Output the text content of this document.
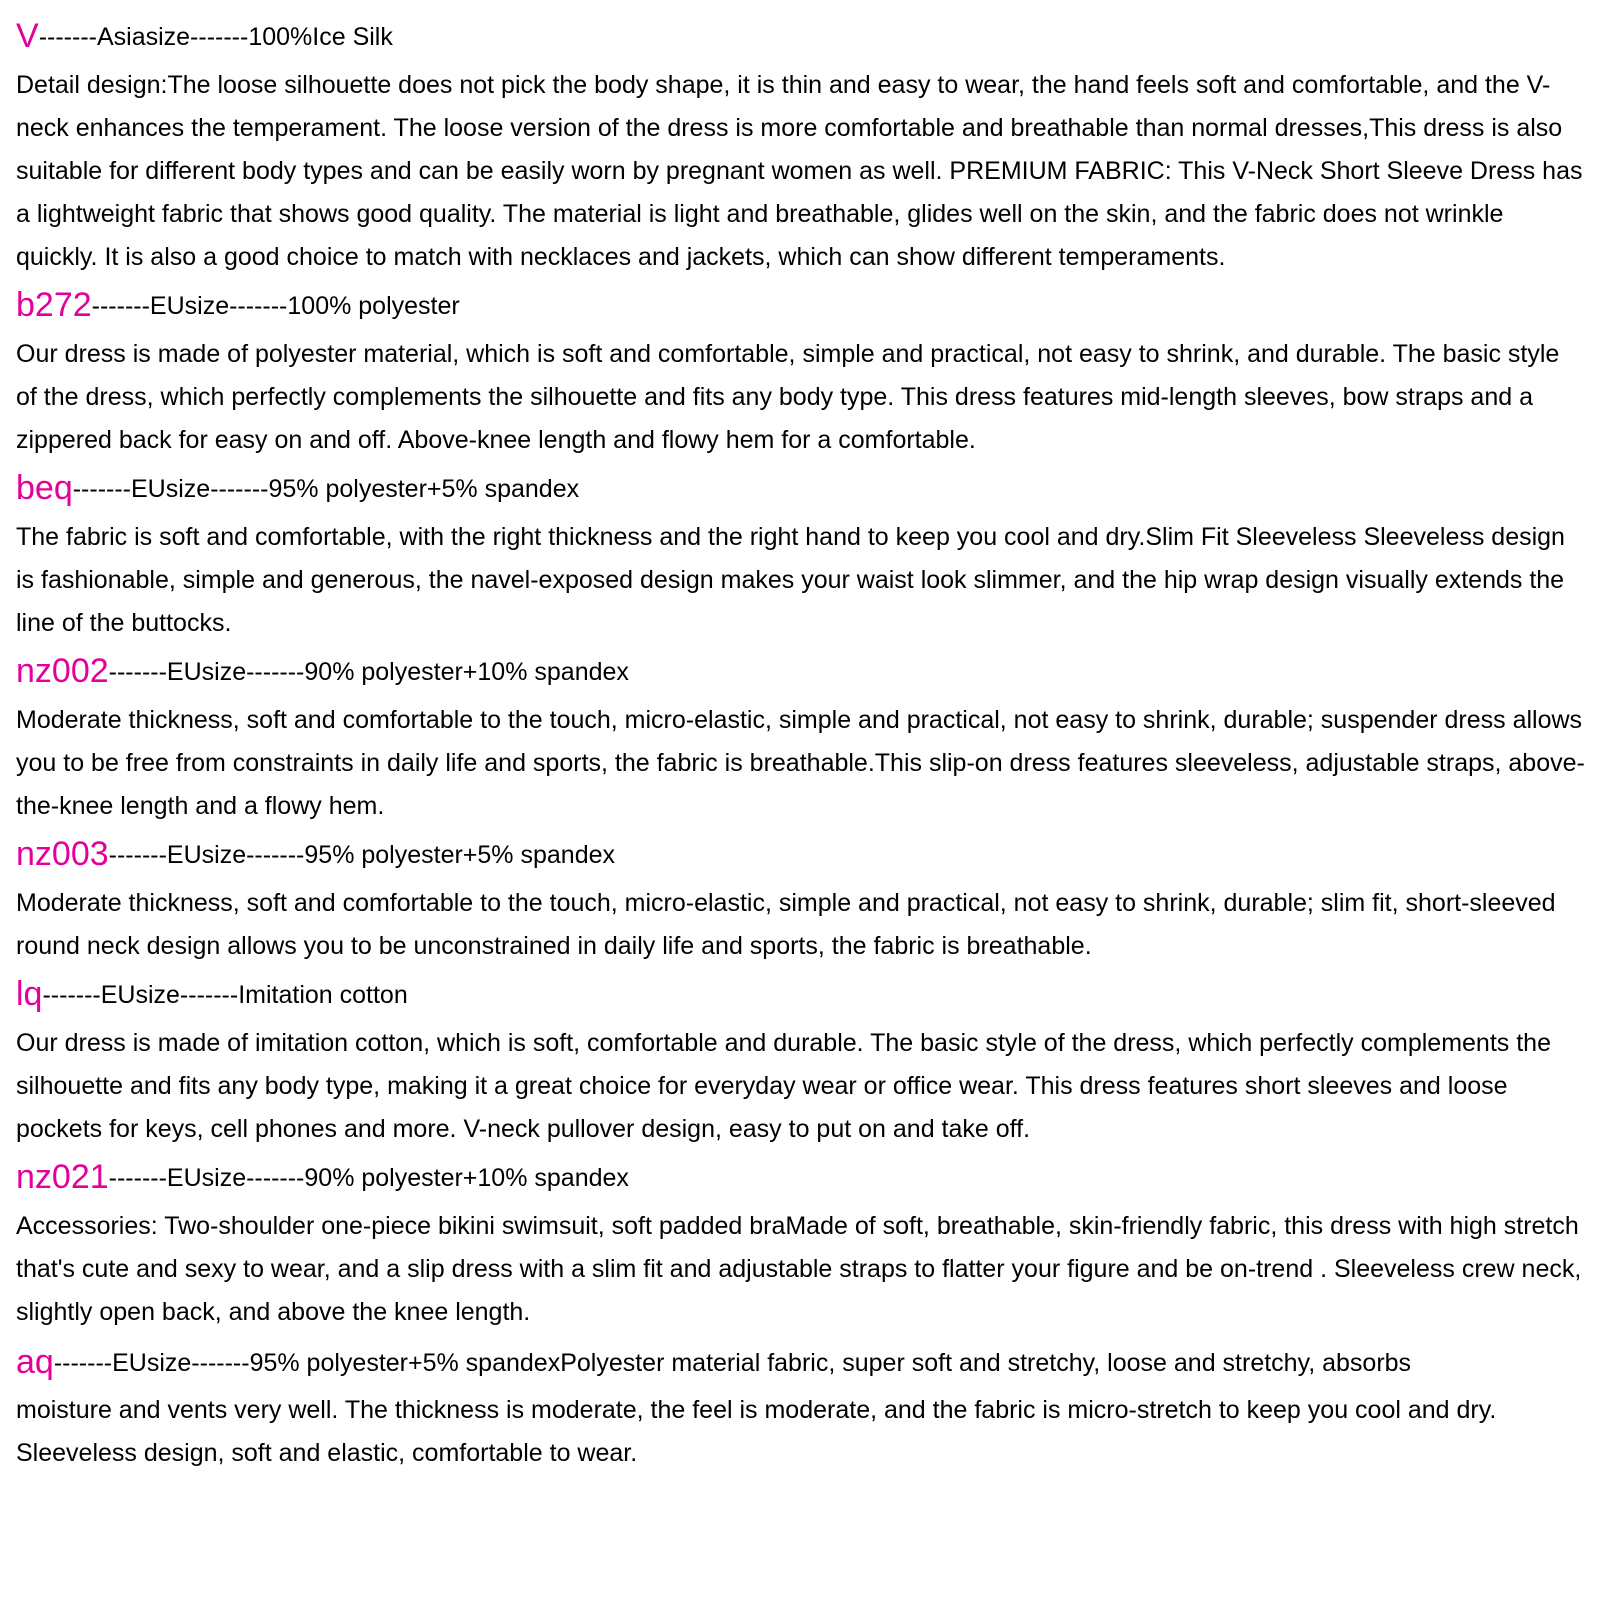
V-------Asiasize-------100%Ice Silk
Detail design:The loose silhouette does not pick the body shape, it is thin and easy to wear, the hand feels soft and comfortable, and the V-neck enhances the temperament. The loose version of the dress is more comfortable and breathable than normal dresses,This dress is also suitable for different body types and can be easily worn by pregnant women as well. PREMIUM FABRIC: This V-Neck Short Sleeve Dress has a lightweight fabric that shows good quality. The material is light and breathable, glides well on the skin, and the fabric does not wrinkle quickly. It is also a good choice to match with necklaces and jackets, which can show different temperaments.
b272-------EUsize-------100% polyester
Our dress is made of polyester material, which is soft and comfortable, simple and practical, not easy to shrink, and durable. The basic style of the dress, which perfectly complements the silhouette and fits any body type. This dress features mid-length sleeves, bow straps and a zippered back for easy on and off. Above-knee length and flowy hem for a comfortable.
beq-------EUsize-------95% polyester+5% spandex
The fabric is soft and comfortable, with the right thickness and the right hand to keep you cool and dry.Slim Fit Sleeveless Sleeveless design is fashionable, simple and generous, the navel-exposed design makes your waist look slimmer, and the hip wrap design visually extends the line of the buttocks.
nz002-------EUsize-------90% polyester+10% spandex
Moderate thickness, soft and comfortable to the touch, micro-elastic, simple and practical, not easy to shrink, durable; suspender dress allows you to be free from constraints in daily life and sports, the fabric is breathable.This slip-on dress features sleeveless, adjustable straps, above-the-knee length and a flowy hem.
nz003-------EUsize-------95% polyester+5% spandex
Moderate thickness, soft and comfortable to the touch, micro-elastic, simple and practical, not easy to shrink, durable; slim fit, short-sleeved round neck design allows you to be unconstrained in daily life and sports, the fabric is breathable.
lq-------EUsize-------Imitation cotton
Our dress is made of imitation cotton, which is soft, comfortable and durable. The basic style of the dress, which perfectly complements the silhouette and fits any body type, making it a great choice for everyday wear or office wear. This dress features short sleeves and loose pockets for keys, cell phones and more. V-neck pullover design, easy to put on and take off.
nz021-------EUsize-------90% polyester+10% spandex
Accessories: Two-shoulder one-piece bikini swimsuit, soft padded braMade of soft, breathable, skin-friendly fabric, this dress with high stretch that's cute and sexy to wear, and a slip dress with a slim fit and adjustable straps to flatter your figure and be on-trend . Sleeveless crew neck, slightly open back, and above the knee length.
aq-------EUsize-------95% polyester+5% spandexPolyester material fabric, super soft and stretchy, loose and stretchy, absorbs
moisture and vents very well. The thickness is moderate, the feel is moderate, and the fabric is micro-stretch to keep you cool and dry. Sleeveless design, soft and elastic, comfortable to wear.
